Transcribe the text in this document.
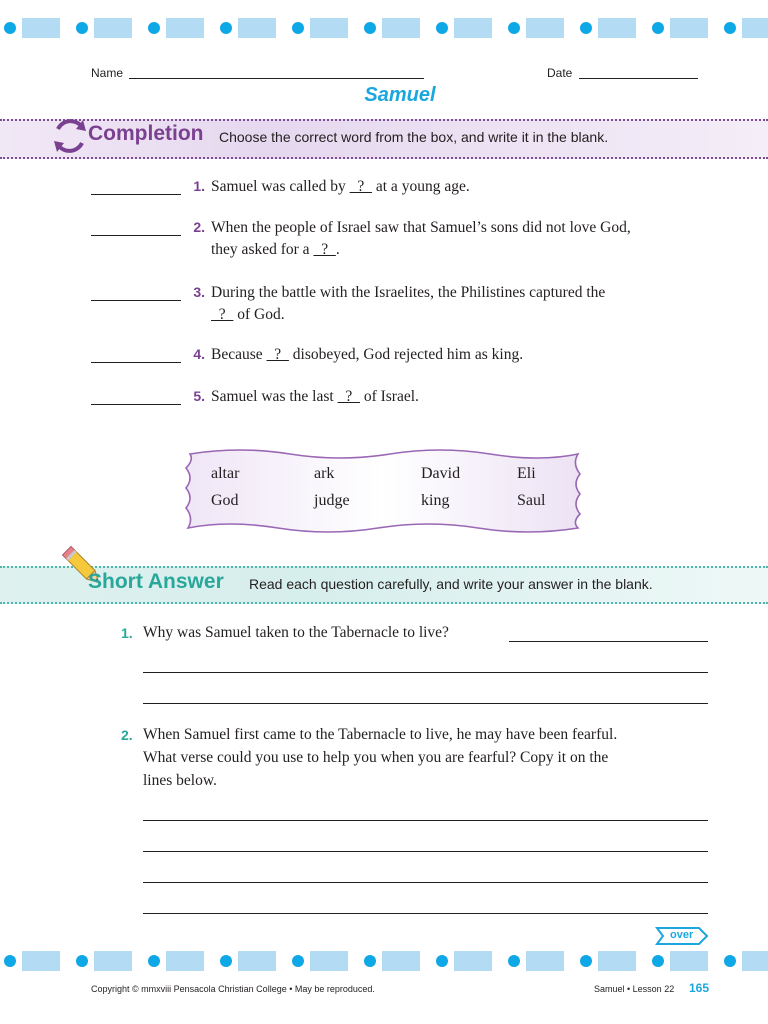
Name	Date
Samuel
Completion Choose the correct word from the box, and write it in the blank.
1. Samuel was called by   ?   at a young age.
2. When the people of Israel saw that Samuel’s sons did not love God,
they asked for a   ?  .
3. During the battle with the Israelites, the Philistines captured the
?   of God.
4. Because   ?   disobeyed, God rejected him as king.
5. Samuel was the last   ?   of Israel.
altar	ark	David	Eli
God	judge	king	Saul
Short Answer Read each question carefully, and write your answer in the blank.
1. Why was Samuel taken to the Tabernacle to live?
2. When Samuel first came to the Tabernacle to live, he may have been fearful.
What verse could you use to help you when you are fearful? Copy it on the
lines below.
over
Copyright © mmxviii Pensacola Christian College • May be reproduced.	Samuel • Lesson 22 165
